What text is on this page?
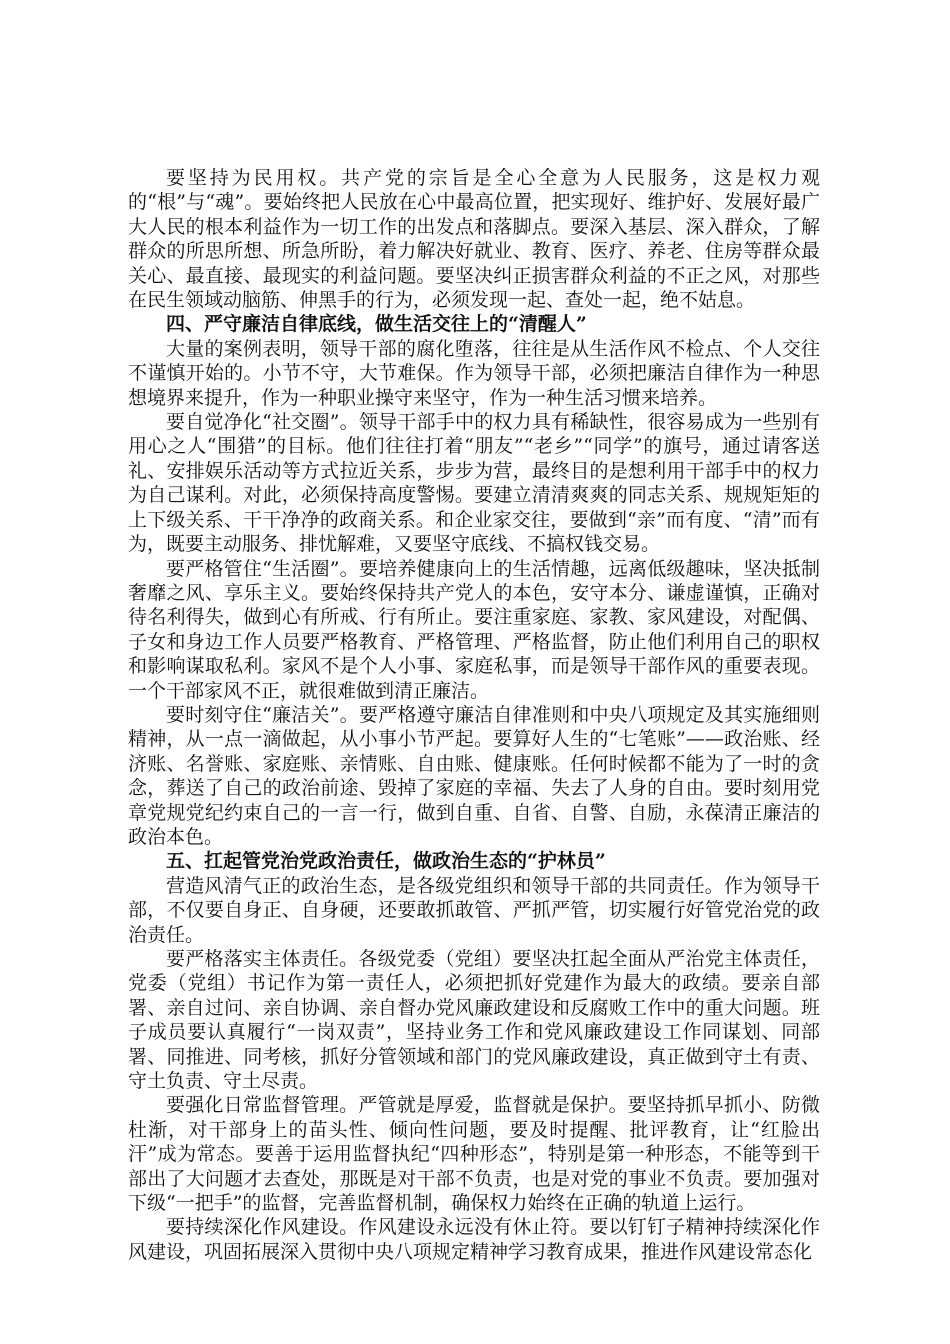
要坚持为民用权。共产党的宗旨是全心全意为人民服务，这是权力观的“根”与“魂”。要始终把人民放在心中最高位置，把实现好、维护好、发展好最广大人民的根本利益作为一切工作的出发点和落脚点。要深入基层、深入群众，了解群众的所思所想、所急所盼，着力解决好就业、教育、医疗、养老、住房等群众最关心、最直接、最现实的利益问题。要坚决纠正损害群众利益的不正之风，对那些在民生领域动脑筋、伸黑手的行为，必须发现一起、查处一起，绝不姑息。

四、严守廉洁自律底线，做生活交往上的“清醒人”

大量的案例表明，领导干部的腐化堕落，往往是从生活作风不检点、个人交往不谨慎开始的。小节不守，大节难保。作为领导干部，必须把廉洁自律作为一种思想境界来提升，作为一种职业操守来坚守，作为一种生活习惯来培养。

要自觉净化“社交圈”。领导干部手中的权力具有稀缺性，很容易成为一些别有用心之人“围猎”的目标。他们往往打着“朋友”“老乡”“同学”的旗号，通过请客送礼、安排娱乐活动等方式拉近关系，步步为营，最终目的是想利用干部手中的权力为自己谋利。对此，必须保持高度警惕。要建立清清爽爽的同志关系、规规矩矩的上下级关系、干干净净的政商关系。和企业家交往，要做到“亲”而有度、“清”而有为，既要主动服务、排忧解难，又要坚守底线、不搞权钱交易。

要严格管住“生活圈”。要培养健康向上的生活情趣，远离低级趣味，坚决抵制奢靡之风、享乐主义。要始终保持共产党人的本色，安守本分、谦虚谨慎，正确对待名利得失，做到心有所戒、行有所止。要注重家庭、家教、家风建设，对配偶、子女和身边工作人员要严格教育、严格管理、严格监督，防止他们利用自己的职权和影响谋取私利。家风不是个人小事、家庭私事，而是领导干部作风的重要表现。一个干部家风不正，就很难做到清正廉洁。

要时刻守住“廉洁关”。要严格遵守廉洁自律准则和中央八项规定及其实施细则精神，从一点一滴做起，从小事小节严起。要算好人生的“七笔账”——政治账、经济账、名誉账、家庭账、亲情账、自由账、健康账。任何时候都不能为了一时的贪念，葬送了自己的政治前途、毁掉了家庭的幸福、失去了人身的自由。要时刻用党章党规党纪约束自己的一言一行，做到自重、自省、自警、自励，永葆清正廉洁的政治本色。

五、扛起管党治党政治责任，做政治生态的“护林员”

营造风清气正的政治生态，是各级党组织和领导干部的共同责任。作为领导干部，不仅要自身正、自身硬，还要敢抓敢管、严抓严管，切实履行好管党治党的政治责任。

要严格落实主体责任。各级党委（党组）要坚决扛起全面从严治党主体责任，党委（党组）书记作为第一责任人，必须把抓好党建作为最大的政绩。要亲自部署、亲自过问、亲自协调、亲自督办党风廉政建设和反腐败工作中的重大问题。班子成员要认真履行“一岗双责”，坚持业务工作和党风廉政建设工作同谋划、同部署、同推进、同考核，抓好分管领域和部门的党风廉政建设，真正做到守土有责、守土负责、守土尽责。

要强化日常监督管理。严管就是厚爱，监督就是保护。要坚持抓早抓小、防微杜渐，对干部身上的苗头性、倾向性问题，要及时提醒、批评教育，让“红脸出汗”成为常态。要善于运用监督执纪“四种形态”，特别是第一种形态，不能等到干部出了大问题才去查处，那既是对干部不负责，也是对党的事业不负责。要加强对下级“一把手”的监督，完善监督机制，确保权力始终在正确的轨道上运行。

要持续深化作风建设。作风建设永远没有休止符。要以钉钉子精神持续深化作风建设，巩固拓展深入贯彻中央八项规定精神学习教育成果，推进作风建设常态化
